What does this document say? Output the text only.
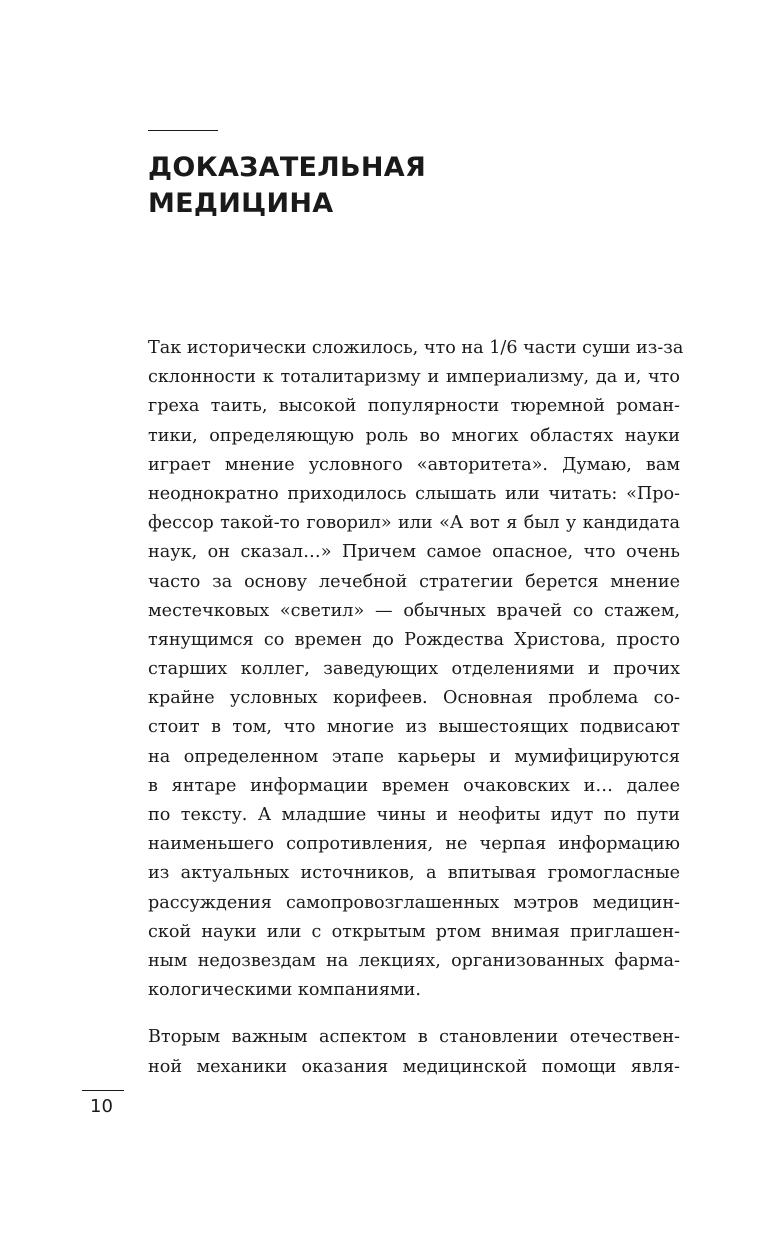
ДОКАЗАТЕЛЬНАЯ
МЕДИЦИНА
Так исторически сложилось, что на 1/6 части суши из-за
склонности к тоталитаризму и империализму, да и, что
греха таить, высокой популярности тюремной роман-
тики, определяющую роль во многих областях науки
играет мнение условного «авторитета». Думаю, вам
неоднократно приходилось слышать или читать: «Про-
фессор такой-то говорил» или «А вот я был у кандидата
наук, он сказал…» Причем самое опасное, что очень
часто за основу лечебной стратегии берется мнение
местечковых «светил» — обычных врачей со стажем,
тянущимся со времен до Рождества Христова, просто
старших коллег, заведующих отделениями и прочих
крайне условных корифеев. Основная проблема со-
стоит в том, что многие из вышестоящих подвисают
на определенном этапе карьеры и мумифицируются
в янтаре информации времен очаковских и… далее
по тексту. А младшие чины и неофиты идут по пути
наименьшего сопротивления, не черпая информацию
из актуальных источников, а впитывая громогласные
рассуждения самопровозглашенных мэтров медицин-
ской науки или с открытым ртом внимая приглашен-
ным недозвездам на лекциях, организованных фарма-
кологическими компаниями.
Вторым важным аспектом в становлении отечествен-
ной механики оказания медицинской помощи явля-
10
